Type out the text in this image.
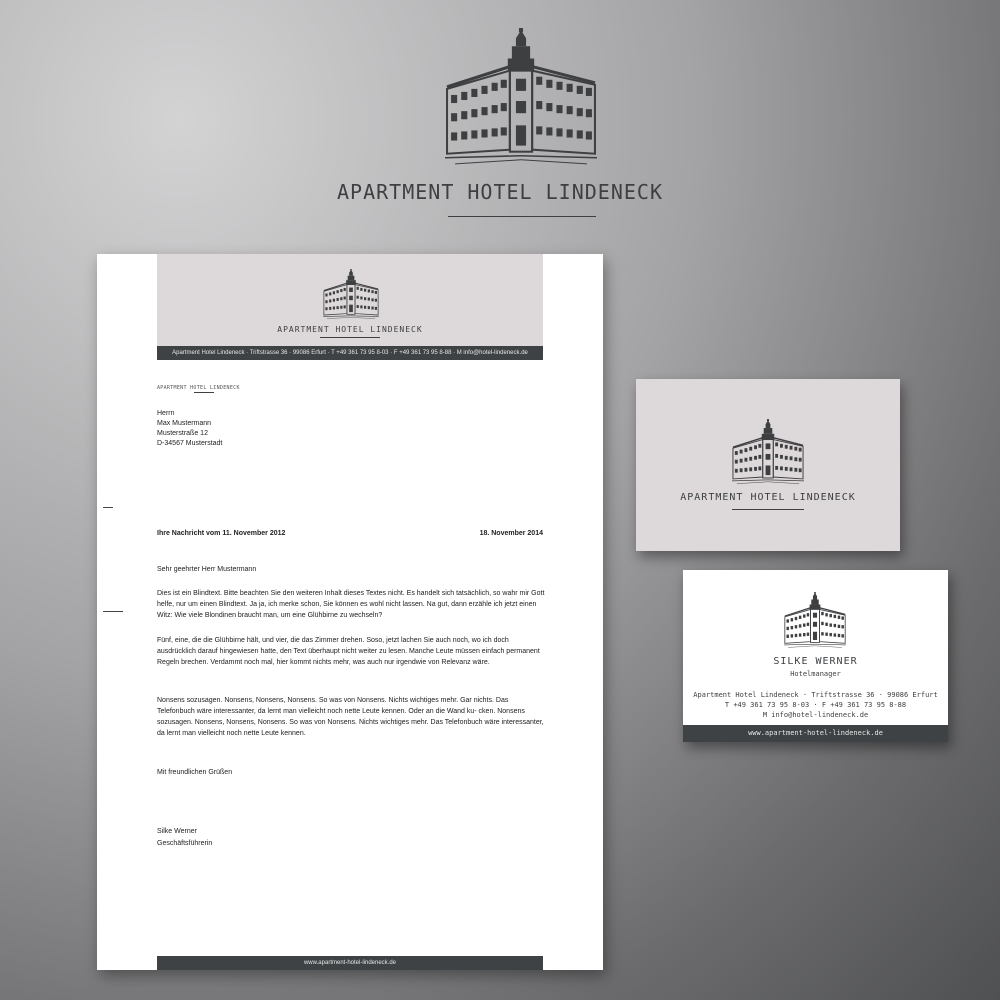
APARTMENT HOTEL LINDENECK
APARTMENT HOTEL LINDENECK
Apartment Hotel Lindeneck · Triftstrasse 36 · 99086 Erfurt · T +49 361 73 95 8-03 · F +49 361 73 95 8-88 · M info@hotel-lindeneck.de
APARTMENT HOTEL LINDENECK
Herrn
Max Mustermann
Musterstraße 12
D-34567 Musterstadt
Ihre Nachricht vom 11. November 2012	18. November 2014
Sehr geehrter Herr Mustermann
Dies ist ein Blindtext. Bitte beachten Sie den weiteren Inhalt dieses Textes nicht. Es handelt sich tatsächlich, so wahr mir Gott helfe, nur um einen Blindtext. Ja ja, ich merke schon, Sie können es wohl nicht lassen. Na gut, dann erzähle ich jetzt einen Witz: Wie viele Blondinen braucht man, um eine Glühbirne zu wechseln?
Fünf, eine, die die Glühbirne hält, und vier, die das Zimmer drehen. Soso, jetzt lachen Sie auch noch, wo ich doch ausdrücklich darauf hingewiesen hatte, den Text überhaupt nicht weiter zu lesen. Manche Leute müssen einfach permanent Regeln brechen. Verdammt noch mal, hier kommt nichts mehr, was auch nur irgendwie von Relevanz wäre.
Nonsens sozusagen. Nonsens, Nonsens, Nonsens. So was von Nonsens. Nichts wichtiges mehr. Gar nichts. Das Telefonbuch wäre interessanter, da lernt man vielleicht noch nette Leute kennen. Oder an die Wand ku- cken. Nonsens sozusagen. Nonsens, Nonsens, Nonsens. So was von Nonsens. Nichts wichtiges mehr. Das Telefonbuch wäre interessanter, da lernt man vielleicht noch nette Leute kennen.
Mit freundlichen Grüßen
Silke Werner
Geschäftsführerin
www.apartment-hotel-lindeneck.de
APARTMENT HOTEL LINDENECK
SILKE WERNER
Hotelmanager
Apartment Hotel Lindeneck · Triftstrasse 36 · 99086 Erfurt
T +49 361 73 95 8-03 · F +49 361 73 95 8-88
M info@hotel-lindeneck.de
www.apartment-hotel-lindeneck.de
